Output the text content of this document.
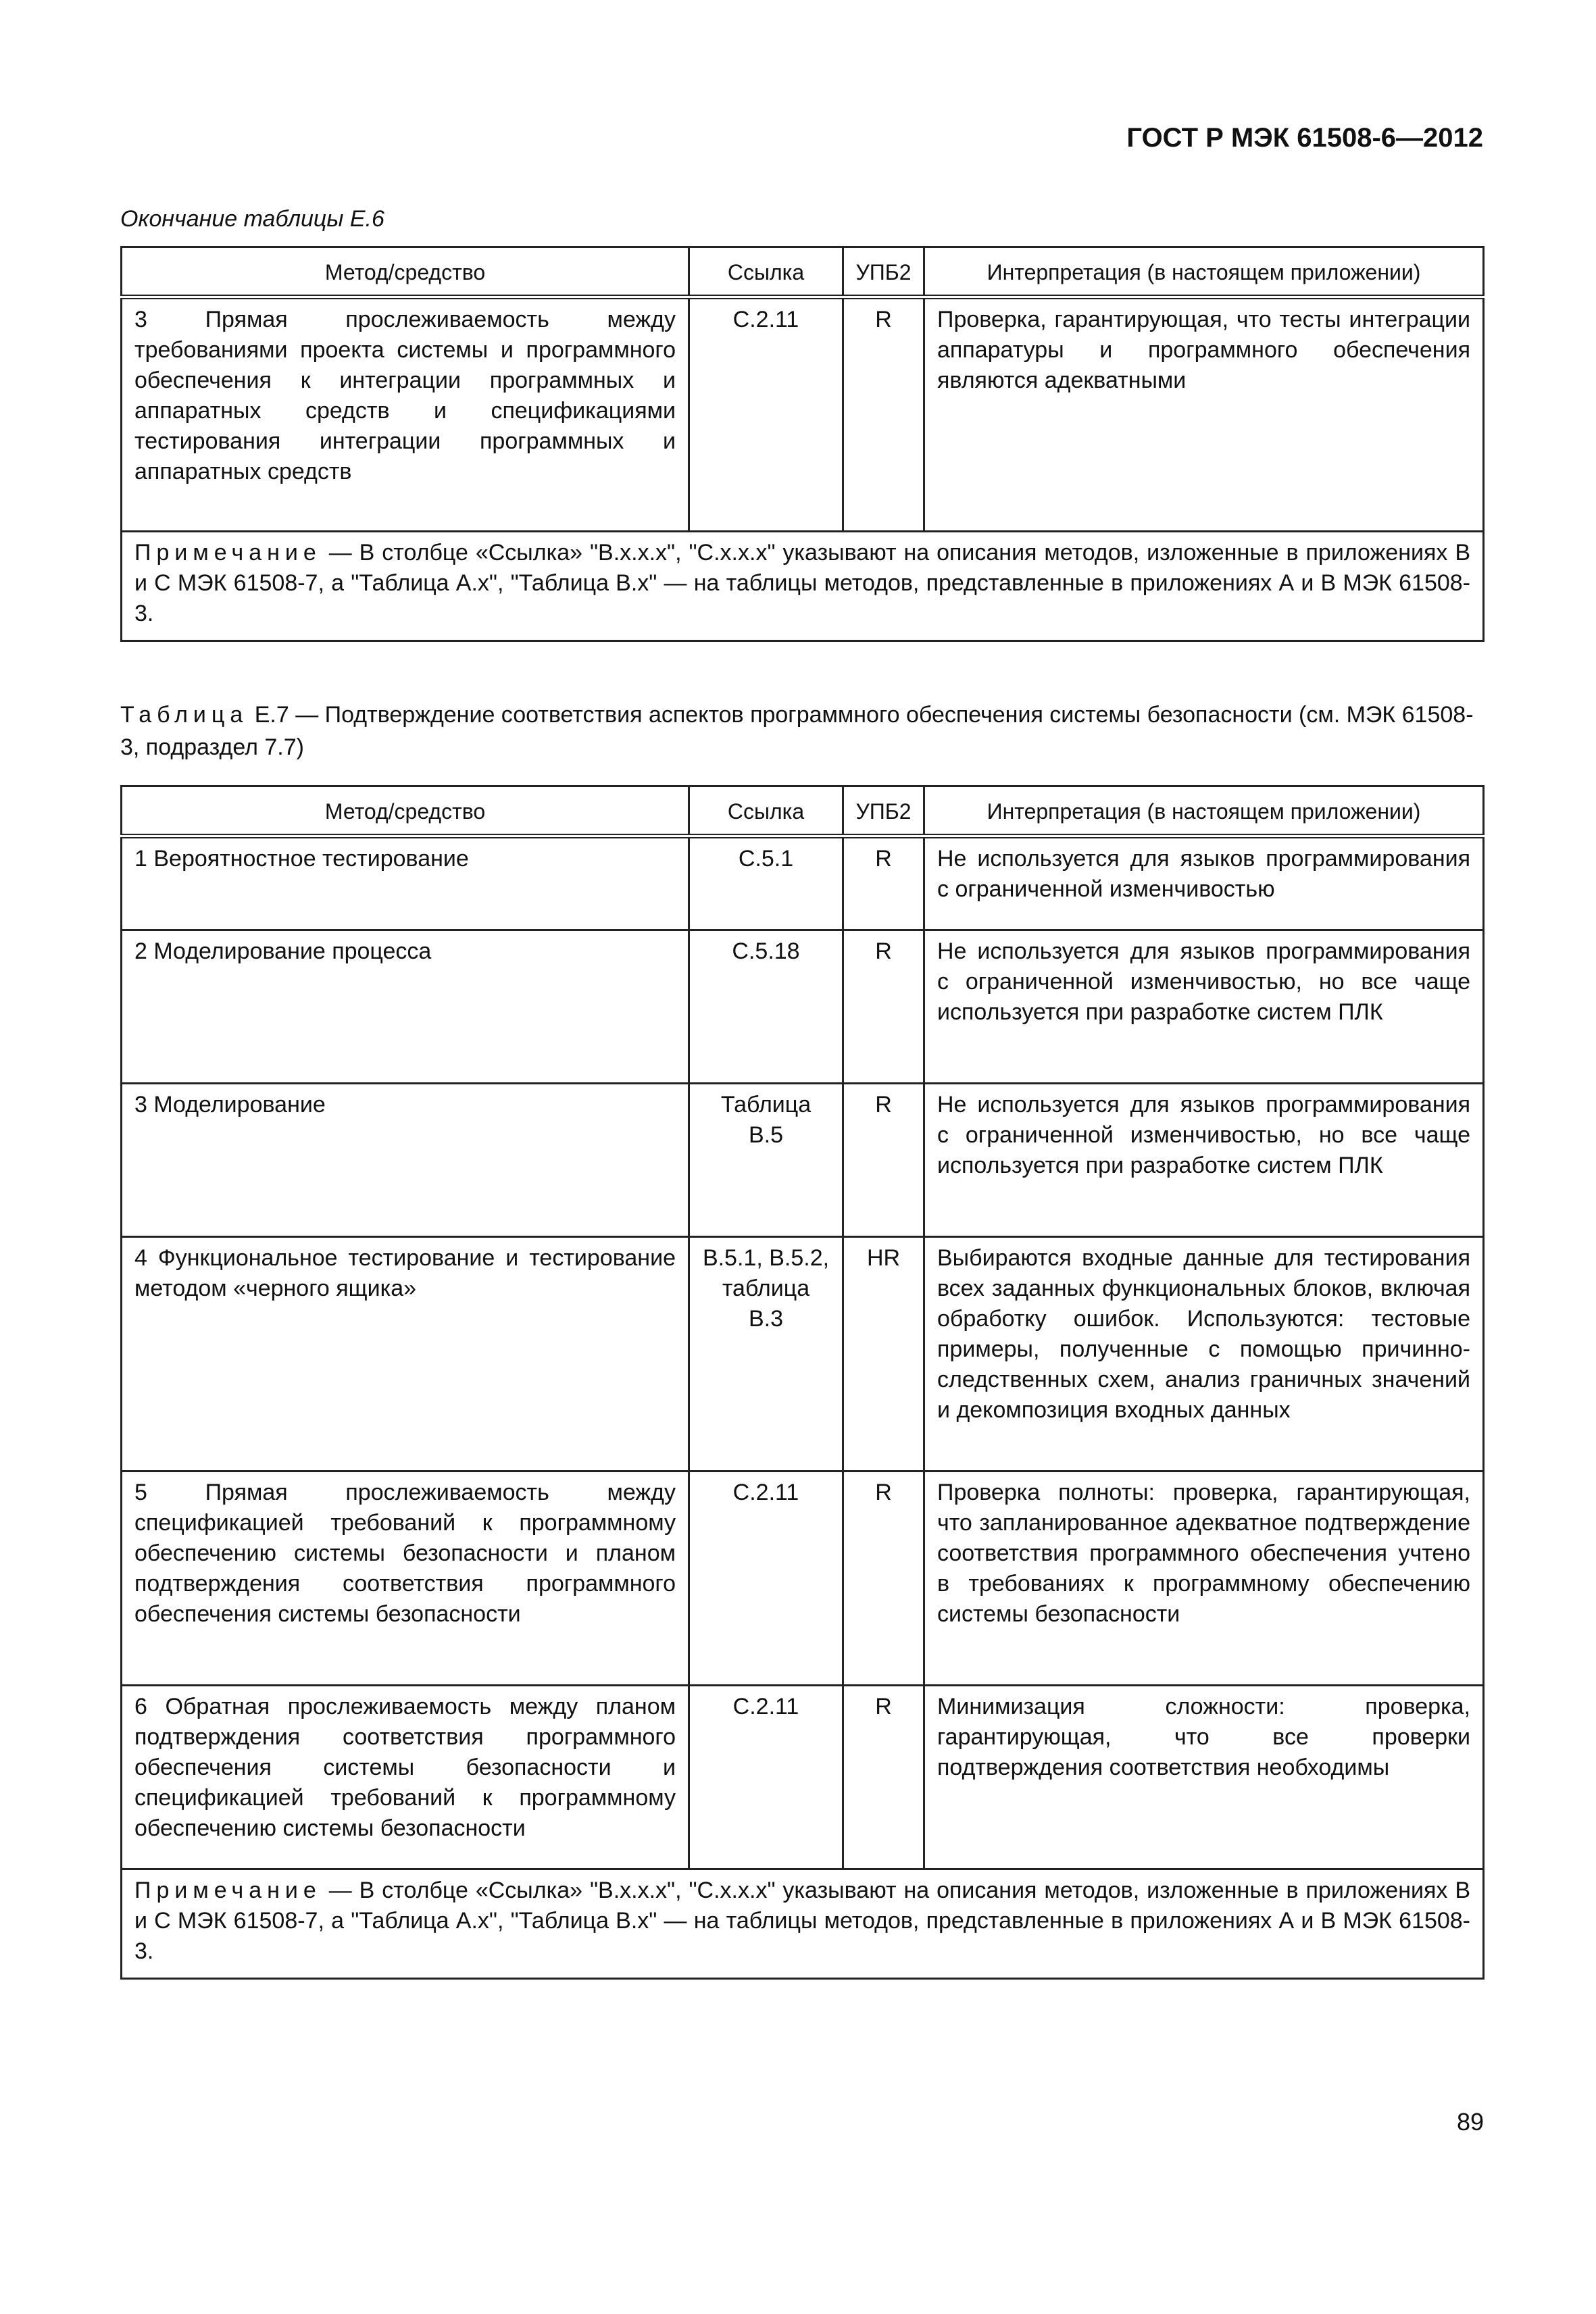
ГОСТ Р МЭК 61508-6—2012
Окончание таблицы Е.6
Метод/средство	Ссылка	УПБ2	Интерпретация (в настоящем приложении)
3 Прямая прослеживаемость между требованиями проекта системы и программного обеспечения к интеграции программных и аппаратных средств и спецификациями тестирования интеграции программных и аппаратных средств	С.2.11	R	Проверка, гарантирующая, что тесты интеграции аппаратуры и программного обеспечения являются адекватными
Примечание — В столбце «Ссылка» "В.x.x.x", "С.x.x.x" указывают на описания методов, изложенные в приложениях В и С МЭК 61508-7, а "Таблица А.x", "Таблица В.x" — на таблицы методов, представленные в приложениях А и В МЭК 61508-3.			
Таблица Е.7 — Подтверждение соответствия аспектов программного обеспечения системы безопасности (см. МЭК 61508-3, подраздел 7.7)
Метод/средство	Ссылка	УПБ2	Интерпретация (в настоящем приложении)
1 Вероятностное тестирование	С.5.1	R	Не используется для языков программирования с ограниченной изменчивостью
2 Моделирование процесса	С.5.18	R	Не используется для языков программирования с ограниченной изменчивостью, но все чаще используется при разработке систем ПЛК
3 Моделирование	Таблица В.5	R	Не используется для языков программирования с ограниченной изменчивостью, но все чаще используется при разработке систем ПЛК
4 Функциональное тестирование и тестирование методом «черного ящика»	В.5.1, В.5.2, таблица В.3	HR	Выбираются входные данные для тестирования всех заданных функциональных блоков, включая обработку ошибок. Используются: тестовые примеры, полученные с помощью причинно-следственных схем, анализ граничных значений и декомпозиция входных данных
5 Прямая прослеживаемость между спецификацией требований к программному обеспечению системы безопасности и планом подтверждения соответствия программного обеспечения системы безопасности	С.2.11	R	Проверка полноты: проверка, гарантирующая, что запланированное адекватное подтверждение соответствия программного обеспечения учтено в требованиях к программному обеспечению системы безопасности
6 Обратная прослеживаемость между планом подтверждения соответствия программного обеспечения системы безопасности и спецификацией требований к программному обеспечению системы безопасности	С.2.11	R	Минимизация сложности: проверка, гарантирующая, что все проверки подтверждения соответствия необходимы
Примечание — В столбце «Ссылка» "В.x.x.x", "С.x.x.x" указывают на описания методов, изложенные в приложениях В и С МЭК 61508-7, а "Таблица А.x", "Таблица В.x" — на таблицы методов, представленные в приложениях А и В МЭК 61508-3.			
89
